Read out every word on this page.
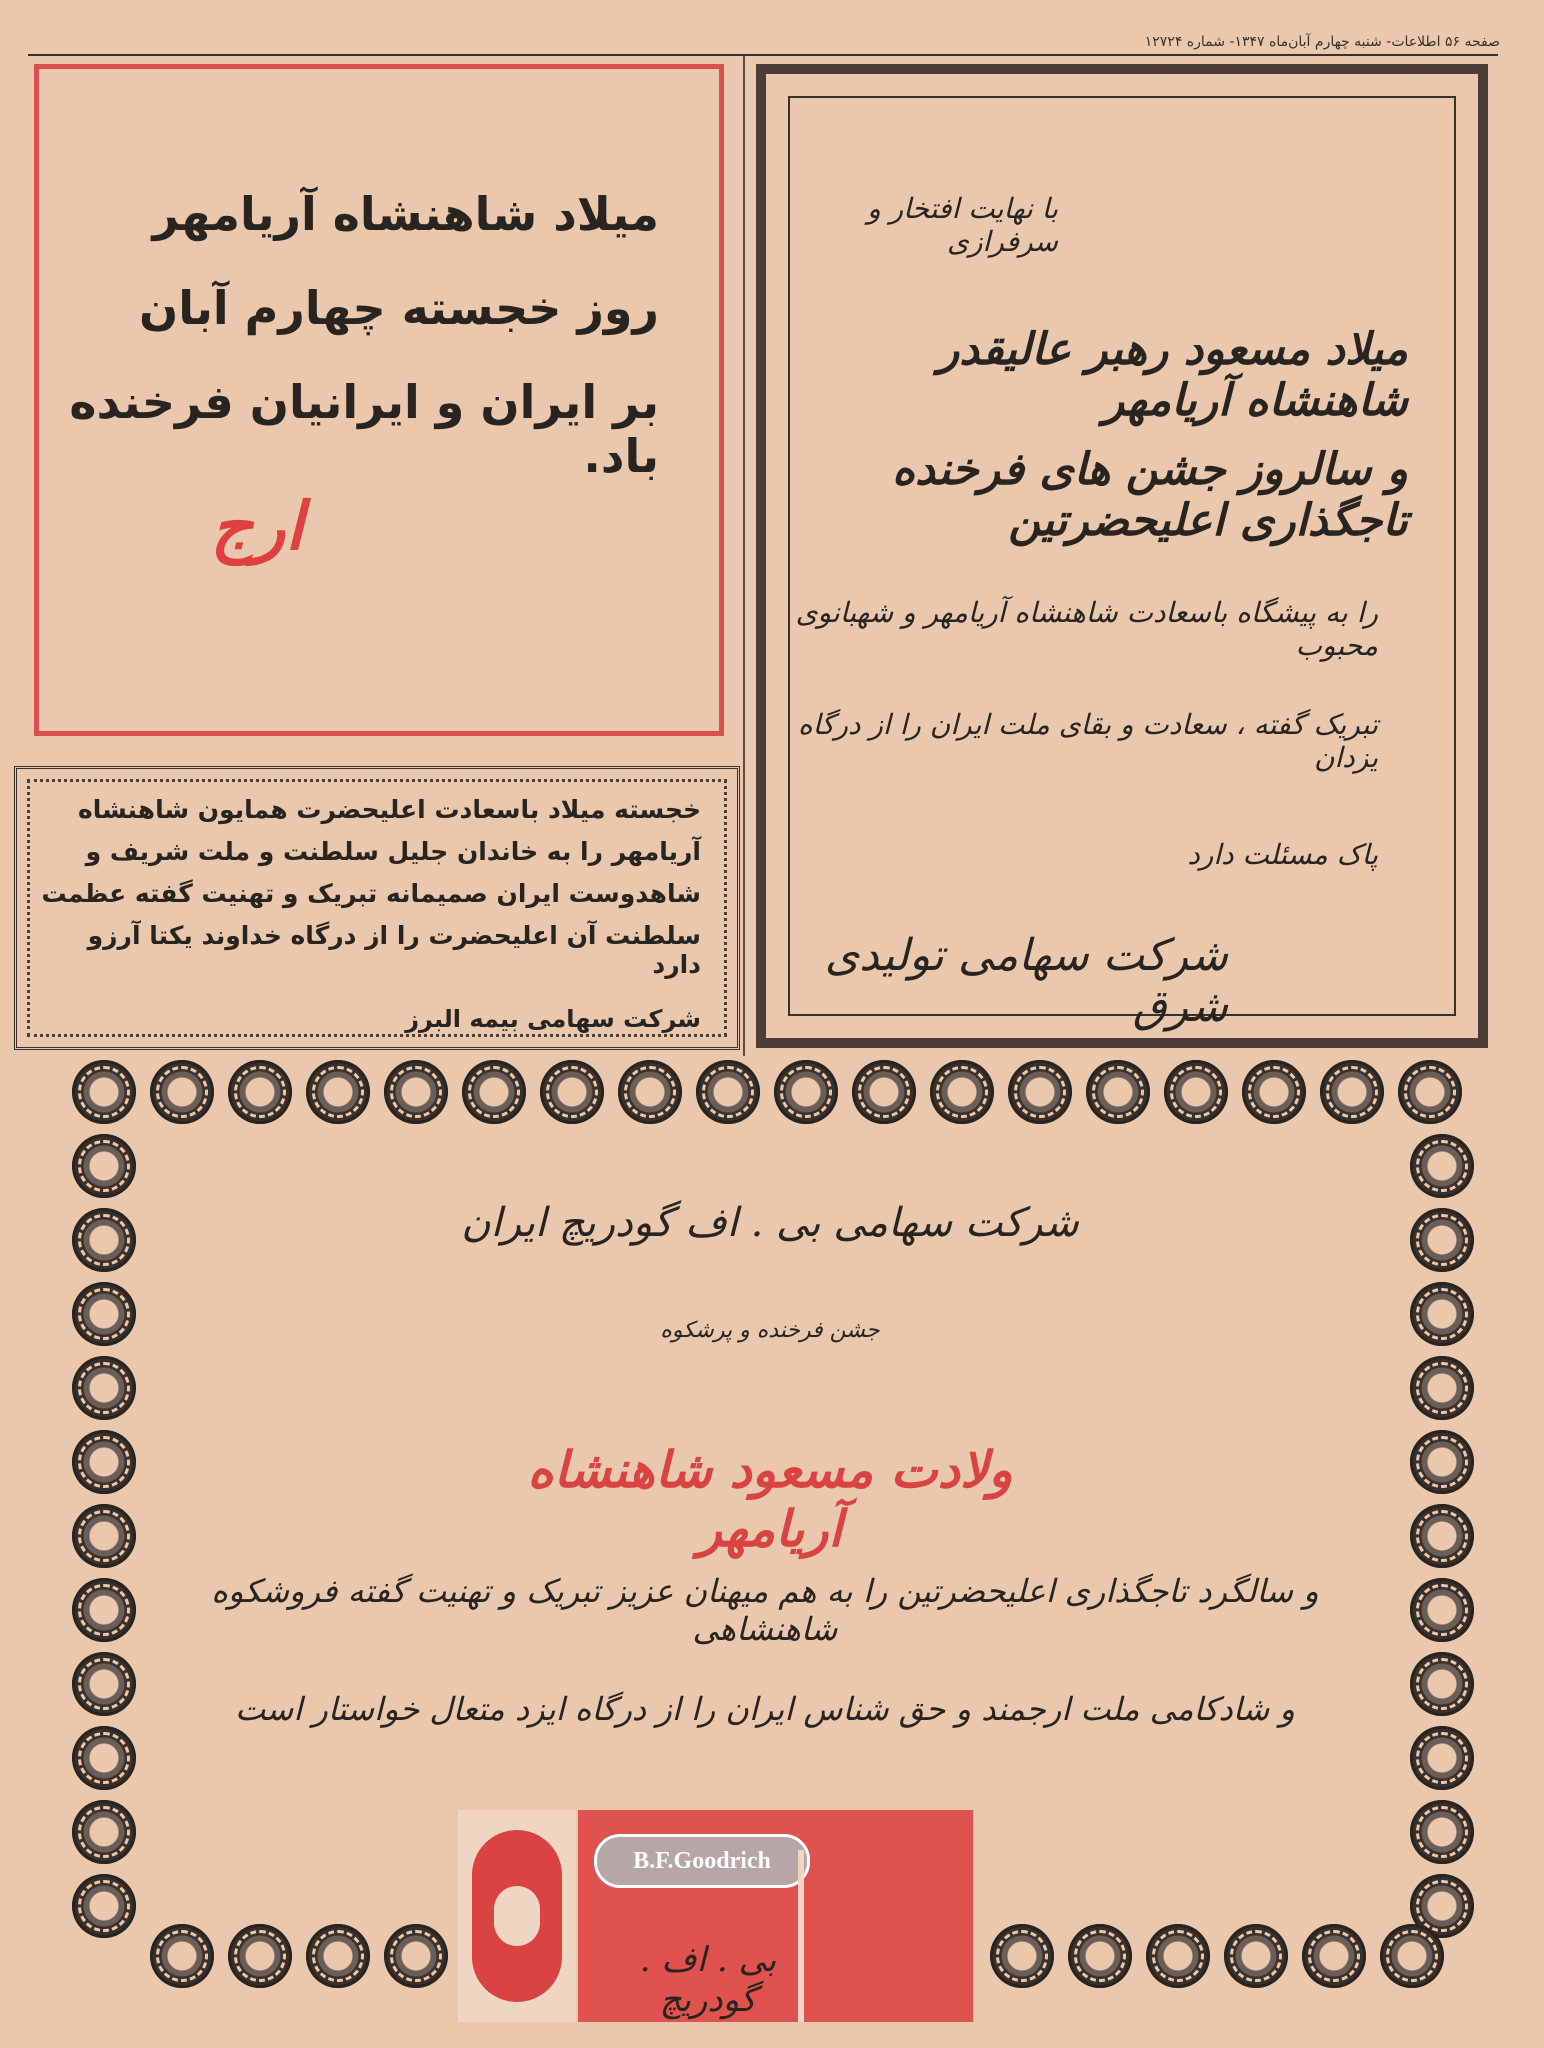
صفحه ۵۶ اطلاعات- شنبه چهارم آبان‌ماه ۱۳۴۷- شماره ۱۲۷۲۴
میلاد شاهنشاه آریامهر
روز خجسته چهارم آبان
بر ایران و ایرانیان فرخنده باد.
ارج
خجسته میلاد باسعادت اعلیحضرت همایون شاهنشاه
آریامهر را به خاندان جلیل سلطنت و ملت شریف و
شاهدوست ایران صمیمانه تبریک و تهنیت گفته عظمت
سلطنت آن اعلیحضرت را از درگاه خداوند یکتا آرزو دارد
شرکت سهامی بیمه البرز
با نهایت افتخار و سرفرازی
میلاد مسعود رهبر عالیقدر شاهنشاه آریامهر
و سالروز جشن های فرخنده تاجگذاری اعلیحضرتین
را به پیشگاه باسعادت شاهنشاه آریامهر و شهبانوی محبوب
تبریک گفته ، سعادت و بقای ملت ایران را از درگاه یزدان
پاک مسئلت دارد
شرکت سهامی تولیدی شرق
شرکت سهامی بی . اف گودریچ ایران
جشن فرخنده و پرشکوه
ولادت مسعود شاهنشاه آریامهر
و سالگرد تاجگذاری اعلیحضرتین را به هم میهنان عزیز تبریک و تهنیت گفته فروشکوه شاهنشاهی
و شادکامی ملت ارجمند و حق شناس ایران را از درگاه ایزد متعال خواستار است
B.F.Goodrich
بی . اف . گودریچ
